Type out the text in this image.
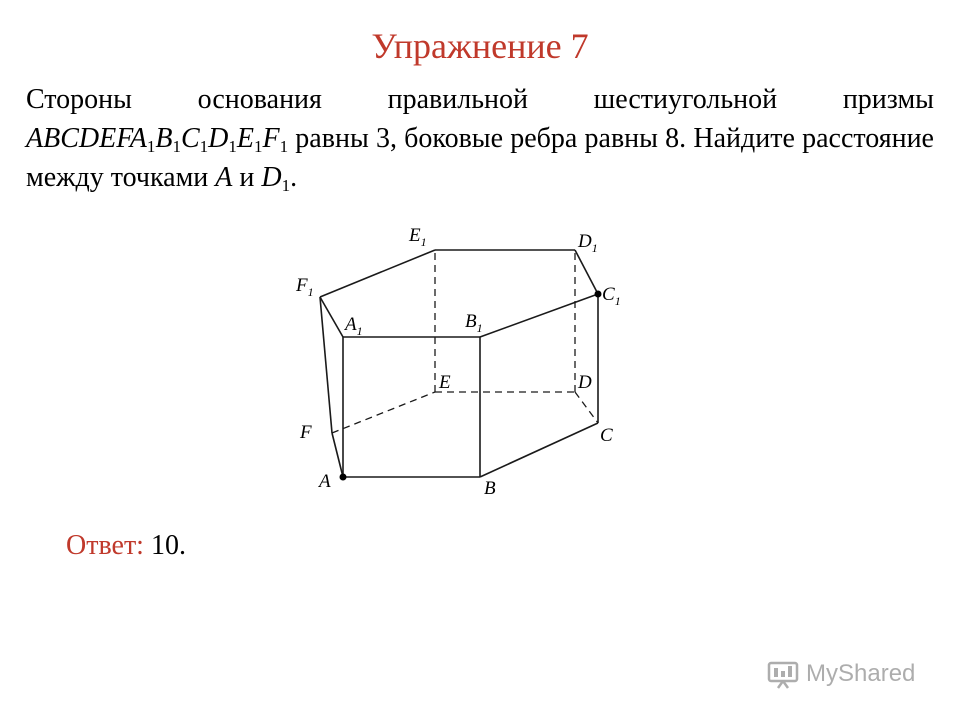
Упражнение 7
Стороны основания правильной шестиугольной призмы $ABCDEFA_1B_1C_1D_1E_1F_1$ равны 3, боковые ребра равны 8. Найдите расстояние между точками A и $D_1$.
A	B
C
D
E
F
$A_1$	$B_1$
$C_1$
$D_1$
$E_1$
$F_1$
Ответ: 10.
MyShared
